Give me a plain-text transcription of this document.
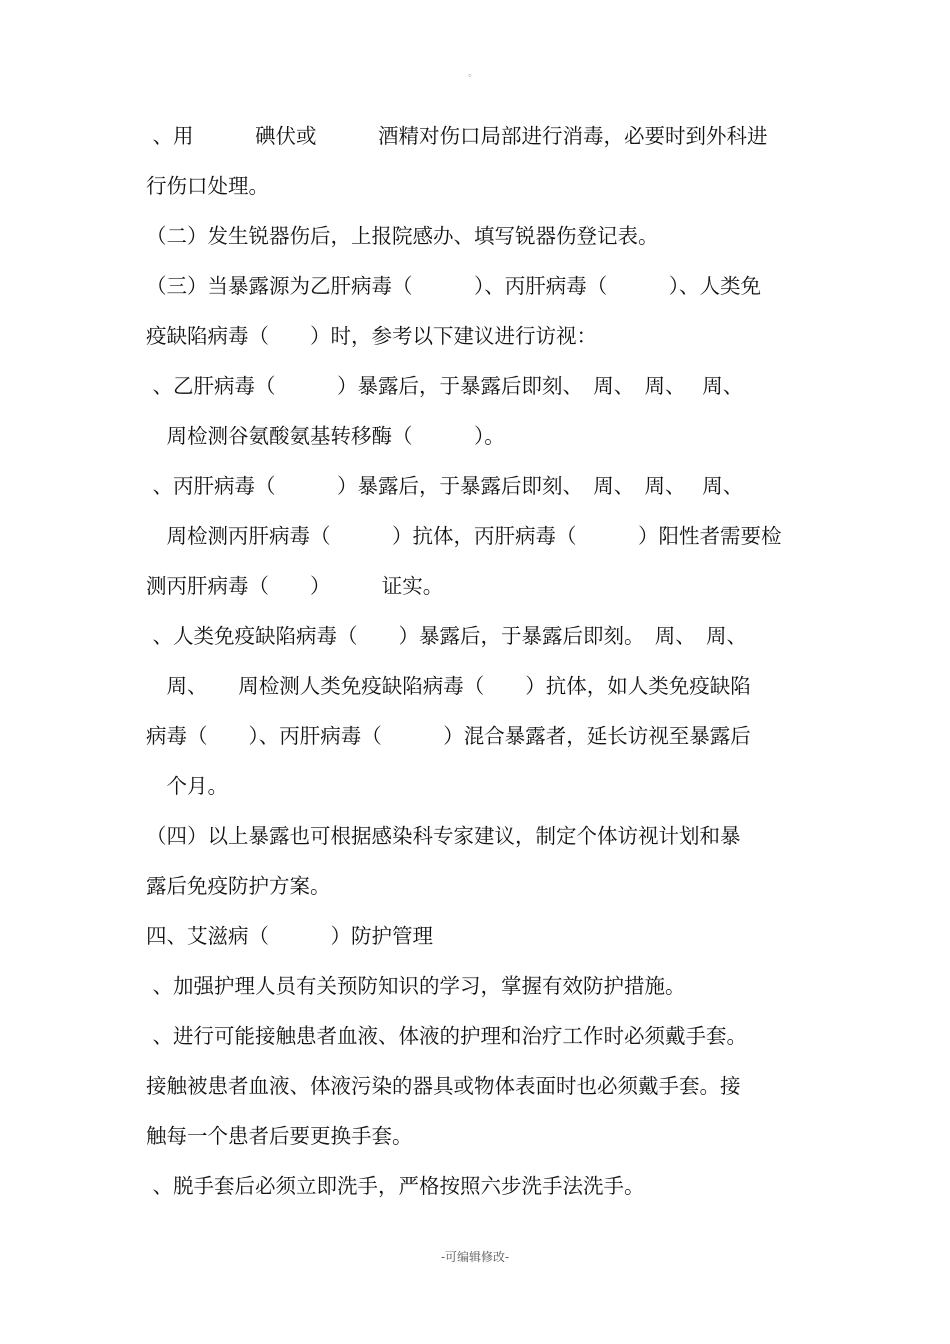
。
、用　　　碘伏或　　　酒精对伤口局部进行消毒，必要时到外科进
行伤口处理。
（二）发生锐器伤后，上报院感办、填写锐器伤登记表。
（三）当暴露源为乙肝病毒（　　　）、丙肝病毒（　　　）、人类免
疫缺陷病毒（　　）时，参考以下建议进行访视：
、乙肝病毒（　　　）暴露后，于暴露后即刻、　周、　周、　 周、
　周检测谷氨酸氨基转移酶（　　　）。
、丙肝病毒（　　　）暴露后，于暴露后即刻、　周、　周、　 周、
　周检测丙肝病毒（　　　）抗体，丙肝病毒（　　　）阳性者需要检
测丙肝病毒（　　）　　　证实。
、人类免疫缺陷病毒（　　）暴露后，于暴露后即刻。　周、　周、
　周、　　周检测人类免疫缺陷病毒（　　）抗体，如人类免疫缺陷
病毒（　　）、丙肝病毒（　　　）混合暴露者，延长访视至暴露后
　个月。
（四）以上暴露也可根据感染科专家建议，制定个体访视计划和暴
露后免疫防护方案。
四、艾滋病（　　　）防护管理
、加强护理人员有关预防知识的学习，掌握有效防护措施。
、进行可能接触患者血液、体液的护理和治疗工作时必须戴手套。
接触被患者血液、体液污染的器具或物体表面时也必须戴手套。接
触每一个患者后要更换手套。
、脱手套后必须立即洗手，严格按照六步洗手法洗手。
-可编辑修改-
